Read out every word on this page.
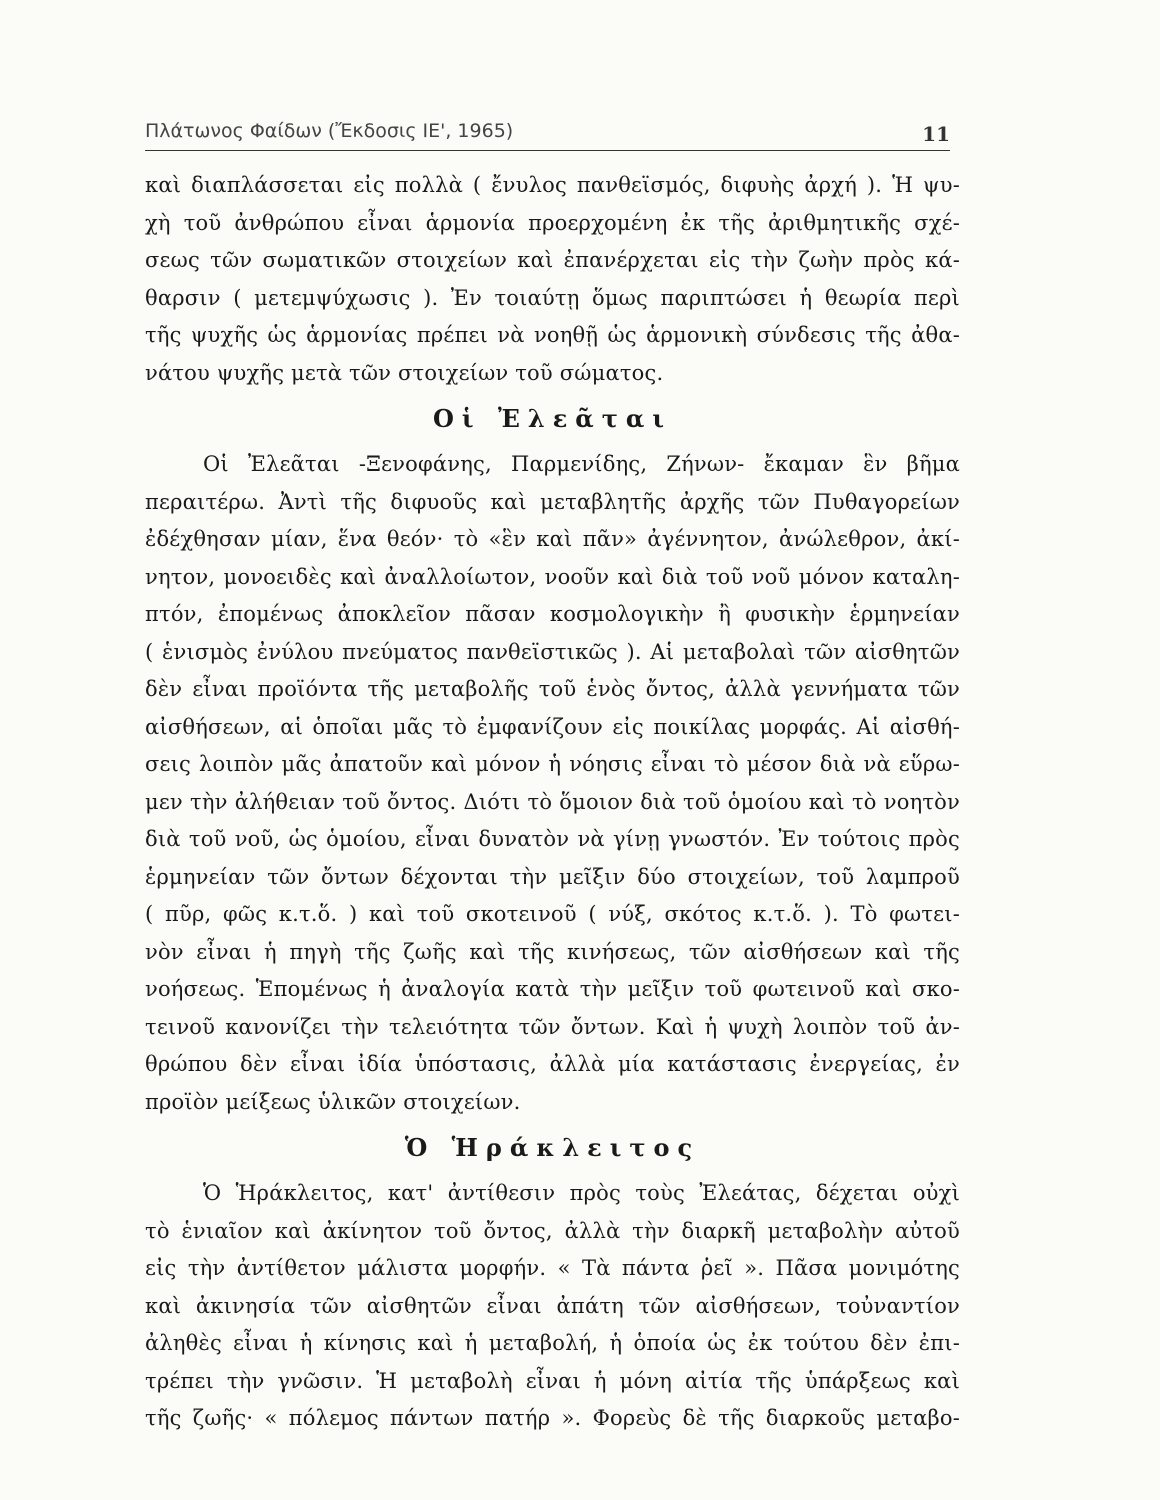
Πλάτωνος Φαίδων (Ἔκδοσις ΙΕ', 1965)	11
καὶ διαπλάσσεται εἰς πολλὰ ( ἔνυλος πανθεϊσμός, διφυὴς ἀρχή ). Ἡ ψυ-
χὴ τοῦ ἀνθρώπου εἶναι ἁρμονία προερχομένη ἐκ τῆς ἀριθμητικῆς σχέ-
σεως τῶν σωματικῶν στοιχείων καὶ ἐπανέρχεται εἰς τὴν ζωὴν πρὸς κά-
θαρσιν ( μετεμψύχωσις ). Ἐν τοιαύτῃ ὅμως παριπτώσει ἡ θεωρία περὶ
τῆς ψυχῆς ὡς ἁρμονίας πρέπει νὰ νοηθῇ ὡς ἁρμονικὴ σύνδεσις τῆς ἀθα-
νάτου ψυχῆς μετὰ τῶν στοιχείων τοῦ σώματος.
Οἱ Ἐλεᾶται
Οἱ Ἐλεᾶται -Ξενοφάνης, Παρμενίδης, Ζήνων- ἔκαμαν ἓν βῆμα
περαιτέρω. Ἀντὶ τῆς διφυοῦς καὶ μεταβλητῆς ἀρχῆς τῶν Πυθαγορείων
ἐδέχθησαν μίαν, ἕνα θεόν· τὸ «ἓν καὶ πᾶν» ἀγέννητον, ἀνώλεθρον, ἀκί-
νητον, μονοειδὲς καὶ ἀναλλοίωτον, νοοῦν καὶ διὰ τοῦ νοῦ μόνον καταλη-
πτόν, ἐπομένως ἀποκλεῖον πᾶσαν κοσμολογικὴν ἢ φυσικὴν ἑρμηνείαν
( ἑνισμὸς ἐνύλου πνεύματος πανθεϊστικῶς ). Αἱ μεταβολαὶ τῶν αἰσθητῶν
δὲν εἶναι προϊόντα τῆς μεταβολῆς τοῦ ἑνὸς ὄντος, ἀλλὰ γεννήματα τῶν
αἰσθήσεων, αἱ ὁποῖαι μᾶς τὸ ἐμφανίζουν εἰς ποικίλας μορφάς. Αἱ αἰσθή-
σεις λοιπὸν μᾶς ἀπατοῦν καὶ μόνον ἡ νόησις εἶναι τὸ μέσον διὰ νὰ εὕρω-
μεν τὴν ἀλήθειαν τοῦ ὄντος. Διότι τὸ ὅμοιον διὰ τοῦ ὁμοίου καὶ τὸ νοητὸν
διὰ τοῦ νοῦ, ὡς ὁμοίου, εἶναι δυνατὸν νὰ γίνῃ γνωστόν. Ἐν τούτοις πρὸς
ἑρμηνείαν τῶν ὄντων δέχονται τὴν μεῖξιν δύο στοιχείων, τοῦ λαμπροῦ
( πῦρ, φῶς κ.τ.ὅ. ) καὶ τοῦ σκοτεινοῦ ( νύξ, σκότος κ.τ.ὅ. ). Τὸ φωτει-
νὸν εἶναι ἡ πηγὴ τῆς ζωῆς καὶ τῆς κινήσεως, τῶν αἰσθήσεων καὶ τῆς
νοήσεως. Ἑπομένως ἡ ἀναλογία κατὰ τὴν μεῖξιν τοῦ φωτεινοῦ καὶ σκο-
τεινοῦ κανονίζει τὴν τελειότητα τῶν ὄντων. Καὶ ἡ ψυχὴ λοιπὸν τοῦ ἀν-
θρώπου δὲν εἶναι ἰδία ὑπόστασις, ἀλλὰ μία κατάστασις ἐνεργείας, ἐν
προϊὸν μείξεως ὑλικῶν στοιχείων.
Ὁ Ἡράκλειτος
Ὁ Ἡράκλειτος, κατ' ἀντίθεσιν πρὸς τοὺς Ἐλεάτας, δέχεται οὐχὶ
τὸ ἑνιαῖον καὶ ἀκίνητον τοῦ ὄντος, ἀλλὰ τὴν διαρκῆ μεταβολὴν αὐτοῦ
εἰς τὴν ἀντίθετον μάλιστα μορφήν. « Τὰ πάντα ῥεῖ ». Πᾶσα μονιμότης
καὶ ἀκινησία τῶν αἰσθητῶν εἶναι ἀπάτη τῶν αἰσθήσεων, τοὐναντίον
ἀληθὲς εἶναι ἡ κίνησις καὶ ἡ μεταβολή, ἡ ὁποία ὡς ἐκ τούτου δὲν ἐπι-
τρέπει τὴν γνῶσιν. Ἡ μεταβολὴ εἶναι ἡ μόνη αἰτία τῆς ὑπάρξεως καὶ
τῆς ζωῆς· « πόλεμος πάντων πατήρ ». Φορεὺς δὲ τῆς διαρκοῦς μεταβο-
